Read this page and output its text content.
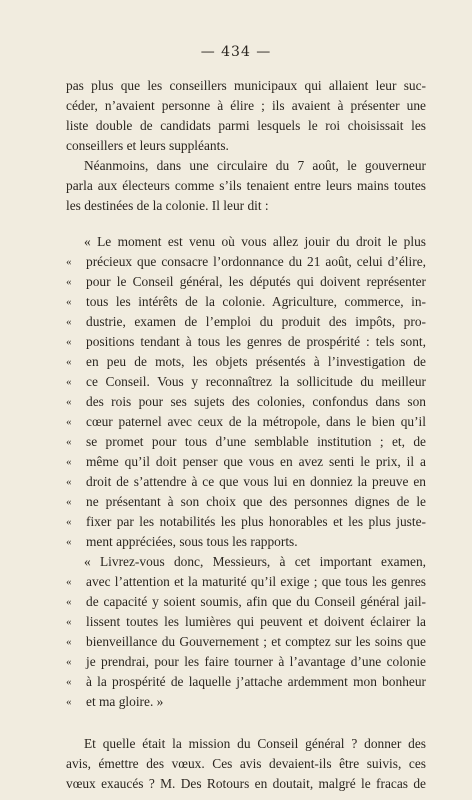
— 434 —
pas plus que les conseillers municipaux qui allaient leur suc-
céder, n’avaient personne à élire ; ils avaient à présenter une
liste double de candidats parmi lesquels le roi choisissait les
conseillers et leurs suppléants.
Néanmoins, dans une circulaire du 7 août, le gouverneur
parla aux électeurs comme s’ils tenaient entre leurs mains toutes
les destinées de la colonie. Il leur dit :
« Le moment est venu où vous allez jouir du droit le plus
« précieux que consacre l’ordonnance du 21 août, celui d’élire,
« pour le Conseil général, les députés qui doivent représenter
« tous les intérêts de la colonie. Agriculture, commerce, in-
« dustrie, examen de l’emploi du produit des impôts, pro-
« positions tendant à tous les genres de prospérité : tels sont,
« en peu de mots, les objets présentés à l’investigation de
« ce Conseil. Vous y reconnaîtrez la sollicitude du meilleur
« des rois pour ses sujets des colonies, confondus dans son
« cœur paternel avec ceux de la métropole, dans le bien qu’il
« se promet pour tous d’une semblable institution ; et, de
« même qu’il doit penser que vous en avez senti le prix, il a
« droit de s’attendre à ce que vous lui en donniez la preuve en
« ne présentant à son choix que des personnes dignes de le
« fixer par les notabilités les plus honorables et les plus juste-
« ment appréciées, sous tous les rapports.
« Livrez-vous donc, Messieurs, à cet important examen,
« avec l’attention et la maturité qu’il exige ; que tous les genres
« de capacité y soient soumis, afin que du Conseil général jail-
« lissent toutes les lumières qui peuvent et doivent éclairer la
« bienveillance du Gouvernement ; et comptez sur les soins que
« je prendrai, pour les faire tourner à l’avantage d’une colonie
« à la prospérité de laquelle j’attache ardemment mon bonheur
« et ma gloire. »
Et quelle était la mission du Conseil général ? donner des
avis, émettre des vœux. Ces avis devaient-ils être suivis, ces
vœux exaucés ? M. Des Rotours en doutait, malgré le fracas de
